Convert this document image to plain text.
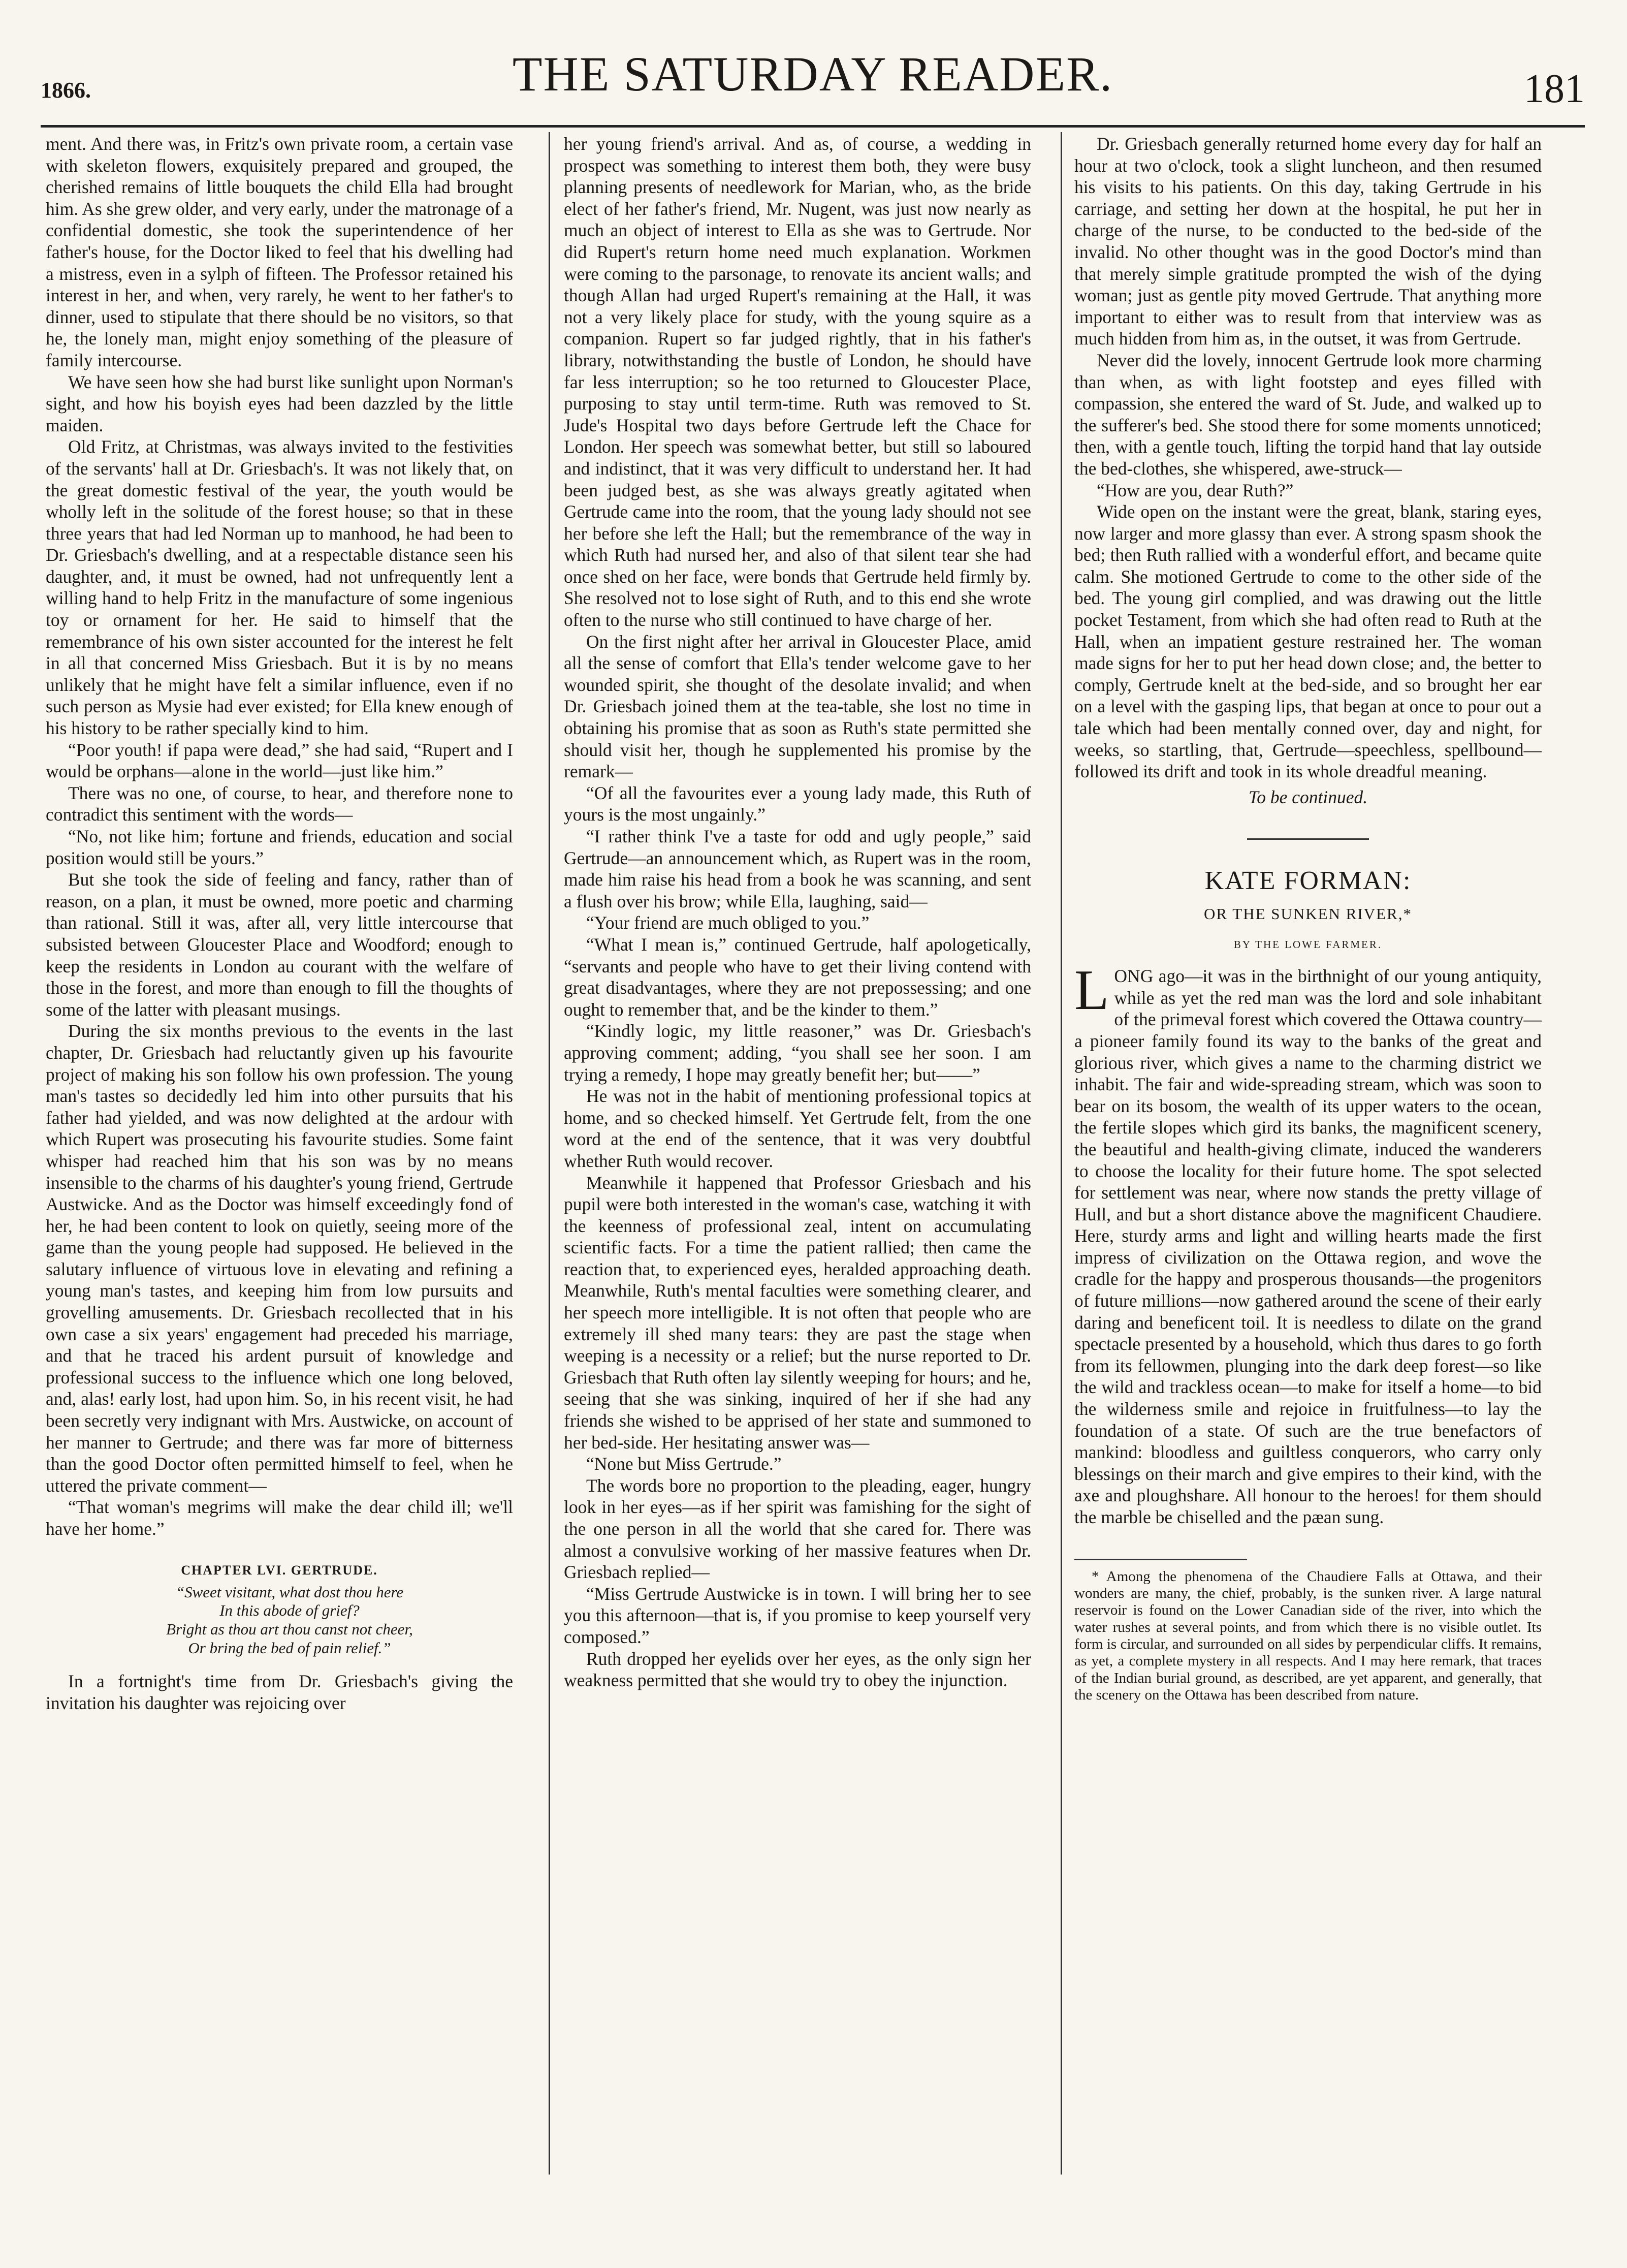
1866.	THE SATURDAY READER.	181

ment. And there was, in Fritz's own private room, a certain vase with skeleton flowers, exquisitely prepared and grouped, the cherished remains of little bouquets the child Ella had brought him. As she grew older, and very early, under the matronage of a confidential domestic, she took the superintendence of her father's house, for the Doctor liked to feel that his dwelling had a mistress, even in a sylph of fifteen. The Professor retained his interest in her, and when, very rarely, he went to her father's to dinner, used to stipulate that there should be no visitors, so that he, the lonely man, might enjoy something of the pleasure of family intercourse.

We have seen how she had burst like sunlight upon Norman's sight, and how his boyish eyes had been dazzled by the little maiden.

Old Fritz, at Christmas, was always invited to the festivities of the servants' hall at Dr. Griesbach's. It was not likely that, on the great domestic festival of the year, the youth would be wholly left in the solitude of the forest house; so that in these three years that had led Norman up to manhood, he had been to Dr. Griesbach's dwelling, and at a respectable distance seen his daughter, and, it must be owned, had not unfrequently lent a willing hand to help Fritz in the manufacture of some ingenious toy or ornament for her. He said to himself that the remembrance of his own sister accounted for the interest he felt in all that concerned Miss Griesbach. But it is by no means unlikely that he might have felt a similar influence, even if no such person as Mysie had ever existed; for Ella knew enough of his history to be rather specially kind to him.

“Poor youth! if papa were dead,” she had said, “Rupert and I would be orphans—alone in the world—just like him.”

There was no one, of course, to hear, and therefore none to contradict this sentiment with the words—

“No, not like him; fortune and friends, education and social position would still be yours.”

But she took the side of feeling and fancy, rather than of reason, on a plan, it must be owned, more poetic and charming than rational. Still it was, after all, very little intercourse that subsisted between Gloucester Place and Woodford; enough to keep the residents in London au courant with the welfare of those in the forest, and more than enough to fill the thoughts of some of the latter with pleasant musings.

During the six months previous to the events in the last chapter, Dr. Griesbach had reluctantly given up his favourite project of making his son follow his own profession. The young man's tastes so decidedly led him into other pursuits that his father had yielded, and was now delighted at the ardour with which Rupert was prosecuting his favourite studies. Some faint whisper had reached him that his son was by no means insensible to the charms of his daughter's young friend, Gertrude Austwicke. And as the Doctor was himself exceedingly fond of her, he had been content to look on quietly, seeing more of the game than the young people had supposed. He believed in the salutary influence of virtuous love in elevating and refining a young man's tastes, and keeping him from low pursuits and grovelling amusements. Dr. Griesbach recollected that in his own case a six years' engagement had preceded his marriage, and that he traced his ardent pursuit of knowledge and professional success to the influence which one long beloved, and, alas! early lost, had upon him. So, in his recent visit, he had been secretly very indignant with Mrs. Austwicke, on account of her manner to Gertrude; and there was far more of bitterness than the good Doctor often permitted himself to feel, when he uttered the private comment—

“That woman's megrims will make the dear child ill; we'll have her home.”

CHAPTER LVI. GERTRUDE.
“Sweet visitant, what dost thou here
In this abode of grief?
Bright as thou art thou canst not cheer,
Or bring the bed of pain relief.”

In a fortnight's time from Dr. Griesbach's giving the invitation his daughter was rejoicing over

her young friend's arrival. And as, of course, a wedding in prospect was something to interest them both, they were busy planning presents of needlework for Marian, who, as the bride elect of her father's friend, Mr. Nugent, was just now nearly as much an object of interest to Ella as she was to Gertrude. Nor did Rupert's return home need much explanation. Workmen were coming to the parsonage, to renovate its ancient walls; and though Allan had urged Rupert's remaining at the Hall, it was not a very likely place for study, with the young squire as a companion. Rupert so far judged rightly, that in his father's library, notwithstanding the bustle of London, he should have far less interruption; so he too returned to Gloucester Place, purposing to stay until term-time. Ruth was removed to St. Jude's Hospital two days before Gertrude left the Chace for London. Her speech was somewhat better, but still so laboured and indistinct, that it was very difficult to understand her. It had been judged best, as she was always greatly agitated when Gertrude came into the room, that the young lady should not see her before she left the Hall; but the remembrance of the way in which Ruth had nursed her, and also of that silent tear she had once shed on her face, were bonds that Gertrude held firmly by. She resolved not to lose sight of Ruth, and to this end she wrote often to the nurse who still continued to have charge of her.

On the first night after her arrival in Gloucester Place, amid all the sense of comfort that Ella's tender welcome gave to her wounded spirit, she thought of the desolate invalid; and when Dr. Griesbach joined them at the tea-table, she lost no time in obtaining his promise that as soon as Ruth's state permitted she should visit her, though he supplemented his promise by the remark—

“Of all the favourites ever a young lady made, this Ruth of yours is the most ungainly.”

“I rather think I've a taste for odd and ugly people,” said Gertrude—an announcement which, as Rupert was in the room, made him raise his head from a book he was scanning, and sent a flush over his brow; while Ella, laughing, said—

“Your friend are much obliged to you.”

“What I mean is,” continued Gertrude, half apologetically, “servants and people who have to get their living contend with great disadvantages, where they are not prepossessing; and one ought to remember that, and be the kinder to them.”

“Kindly logic, my little reasoner,” was Dr. Griesbach's approving comment; adding, “you shall see her soon. I am trying a remedy, I hope may greatly benefit her; but——”

He was not in the habit of mentioning professional topics at home, and so checked himself. Yet Gertrude felt, from the one word at the end of the sentence, that it was very doubtful whether Ruth would recover.

Meanwhile it happened that Professor Griesbach and his pupil were both interested in the woman's case, watching it with the keenness of professional zeal, intent on accumulating scientific facts. For a time the patient rallied; then came the reaction that, to experienced eyes, heralded approaching death. Meanwhile, Ruth's mental faculties were something clearer, and her speech more intelligible. It is not often that people who are extremely ill shed many tears: they are past the stage when weeping is a necessity or a relief; but the nurse reported to Dr. Griesbach that Ruth often lay silently weeping for hours; and he, seeing that she was sinking, inquired of her if she had any friends she wished to be apprised of her state and summoned to her bed-side. Her hesitating answer was—

“None but Miss Gertrude.”

The words bore no proportion to the pleading, eager, hungry look in her eyes—as if her spirit was famishing for the sight of the one person in all the world that she cared for. There was almost a convulsive working of her massive features when Dr. Griesbach replied—

“Miss Gertrude Austwicke is in town. I will bring her to see you this afternoon—that is, if you promise to keep yourself very composed.”

Ruth dropped her eyelids over her eyes, as the only sign her weakness permitted that she would try to obey the injunction.

Dr. Griesbach generally returned home every day for half an hour at two o'clock, took a slight luncheon, and then resumed his visits to his patients. On this day, taking Gertrude in his carriage, and setting her down at the hospital, he put her in charge of the nurse, to be conducted to the bed-side of the invalid. No other thought was in the good Doctor's mind than that merely simple gratitude prompted the wish of the dying woman; just as gentle pity moved Gertrude. That anything more important to either was to result from that interview was as much hidden from him as, in the outset, it was from Gertrude.

Never did the lovely, innocent Gertrude look more charming than when, as with light footstep and eyes filled with compassion, she entered the ward of St. Jude, and walked up to the sufferer's bed. She stood there for some moments unnoticed; then, with a gentle touch, lifting the torpid hand that lay outside the bed-clothes, she whispered, awe-struck—

“How are you, dear Ruth?”

Wide open on the instant were the great, blank, staring eyes, now larger and more glassy than ever. A strong spasm shook the bed; then Ruth rallied with a wonderful effort, and became quite calm. She motioned Gertrude to come to the other side of the bed. The young girl complied, and was drawing out the little pocket Testament, from which she had often read to Ruth at the Hall, when an impatient gesture restrained her. The woman made signs for her to put her head down close; and, the better to comply, Gertrude knelt at the bed-side, and so brought her ear on a level with the gasping lips, that began at once to pour out a tale which had been mentally conned over, day and night, for weeks, so startling, that, Gertrude—speechless, spellbound—followed its drift and took in its whole dreadful meaning.

To be continued.
KATE FORMAN:
OR THE SUNKEN RIVER,*
BY THE LOWE FARMER.

LONG ago—it was in the birthnight of our young antiquity, while as yet the red man was the lord and sole inhabitant of the primeval forest which covered the Ottawa country—a pioneer family found its way to the banks of the great and glorious river, which gives a name to the charming district we inhabit. The fair and wide-spreading stream, which was soon to bear on its bosom, the wealth of its upper waters to the ocean, the fertile slopes which gird its banks, the magnificent scenery, the beautiful and health-giving climate, induced the wanderers to choose the locality for their future home. The spot selected for settlement was near, where now stands the pretty village of Hull, and but a short distance above the magnificent Chaudiere. Here, sturdy arms and light and willing hearts made the first impress of civilization on the Ottawa region, and wove the cradle for the happy and prosperous thousands—the progenitors of future millions—now gathered around the scene of their early daring and beneficent toil. It is needless to dilate on the grand spectacle presented by a household, which thus dares to go forth from its fellowmen, plunging into the dark deep forest—so like the wild and trackless ocean—to make for itself a home—to bid the wilderness smile and rejoice in fruitfulness—to lay the foundation of a state. Of such are the true benefactors of mankind: bloodless and guiltless conquerors, who carry only blessings on their march and give empires to their kind, with the axe and ploughshare. All honour to the heroes! for them should the marble be chiselled and the pæan sung.

* Among the phenomena of the Chaudiere Falls at Ottawa, and their wonders are many, the chief, probably, is the sunken river. A large natural reservoir is found on the Lower Canadian side of the river, into which the water rushes at several points, and from which there is no visible outlet. Its form is circular, and surrounded on all sides by perpendicular cliffs. It remains, as yet, a complete mystery in all respects. And I may here remark, that traces of the Indian burial ground, as described, are yet apparent, and generally, that the scenery on the Ottawa has been described from nature.
